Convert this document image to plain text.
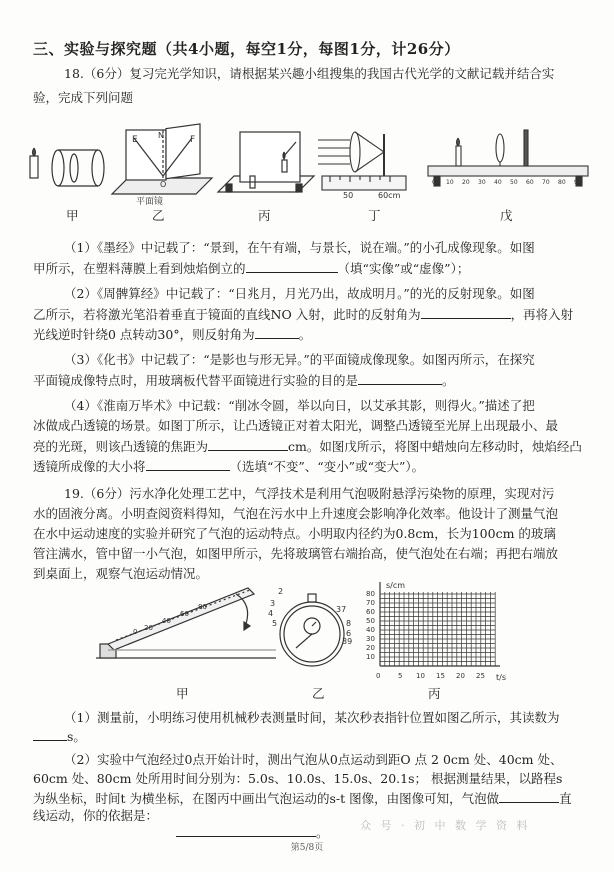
三、实验与探究题（共4小题，每空1分，每图1分，计26分）
18.（6分）复习完光学知识，请根据某兴趣小组搜集的我国古代光学的文献记载并结合实
验，完成下列问题
E	F
N
O
平面镜
50	60cm
0 10 20 30 40 50 60 70 80 90
甲	乙	丙	丁	戊
（1）《墨经》中记载了：“景到，在午有端，与景长，说在端。”的小孔成像现象。如图
甲所示，在塑料薄膜上看到烛焰倒立的	（填“实像”或“虚像”）；
（2）《周髀算经》中记载了：“日兆月，月光乃出，故成明月。”的光的反射现象。如图
乙所示，若将激光笔沿着垂直于镜面的直线NO 入射，此时的反射角为	，再将入射
光线逆时针绕0 点转动30°，则反射角为	。
（3）《化书》中记载了：“是影也与形无异。”的平面镜成像现象。如图丙所示，在探究
平面镜成像特点时，用玻璃板代替平面镜进行实验的目的是	。
（4）《淮南万毕术》中记载：“削冰令圆，举以向日，以艾承其影，则得火。”描述了把
冰做成凸透镜的场景。如图丁所示，让凸透镜正对着太阳光，调整凸透镜至光屏上出现最小、最
亮的光斑，则该凸透镜的焦距为	cm。如图戊所示，将图中蜡烛向左移动时，烛焰经凸
透镜所成像的大小将	（选填“不变”、“变小”或“变大”）。
19.（6分）污水净化处理工艺中，气浮技术是利用气泡吸附悬浮污染物的原理，实现对污
水的固液分离。小明查阅资料得知，气泡在污水中上升速度会影响净化效率。他设计了测量气泡
在水中运动速度的实验并研究了气泡的运动特点。小明取内径约为0.8cm，长为100cm 的玻璃
管注满水，管中留一小气泡，如图甲所示，先将玻璃管右端抬高，使气泡处在右端；再把右端放
到桌面上，观察气泡运动情况。
0 20
40
60
80
2
3
4
5
37
8
39
6
s/cm
t/s
80
70
60
50
40
30
20
10
0	5 10 15 20 25
甲	乙	丙
（1）测量前，小明练习使用机械秒表测量时间，某次秒表指针位置如图乙所示，其读数为
s。
（2）实验中气泡经过0点开始计时，测出气泡从0点运动到距O 点 2 0cm 处、40cm 处、
60cm 处、80cm 处所用时间分别为：5.0s、10.0s、15.0s、20.1s； 根据测量结果，以路程s
为纵坐标，时间t 为横坐标，在图丙中画出气泡运动的s-t 图像，由图像可知，气泡做	直
线运动，你的依据是：
。	众 号 · 初 中 数 学 资 料
第5/8页
